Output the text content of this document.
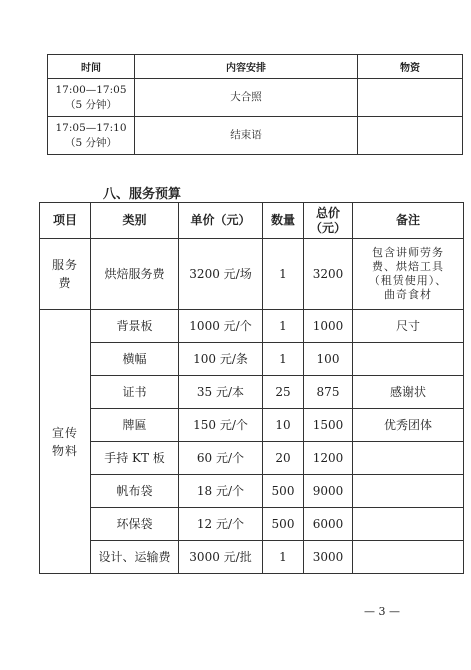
时间	内容安排	物资

17:00—17:05
（5 分钟）	大合照	

17:05—17:10
（5 分钟）	结束语	
八、服务预算
项目	类别	单价（元）	数量	总价（元）	备注
服务费	烘焙服务费	3200 元/场	1	3200	包含讲师劳务费、烘焙工具（租赁使用）、曲奇食材
宣传物料	背景板	1000 元/个	1	1000	尺寸
	横幅	100 元/条	1	100	
	证书	35 元/本	25	875	感谢状
	牌匾	150 元/个	10	1500	优秀团体
	手持 KT 板	60 元/个	20	1200	
	帆布袋	18 元/个	500	9000	
	环保袋	12 元/个	500	6000	
	设计、运输费	3000 元/批	1	3000	
— 3 —
